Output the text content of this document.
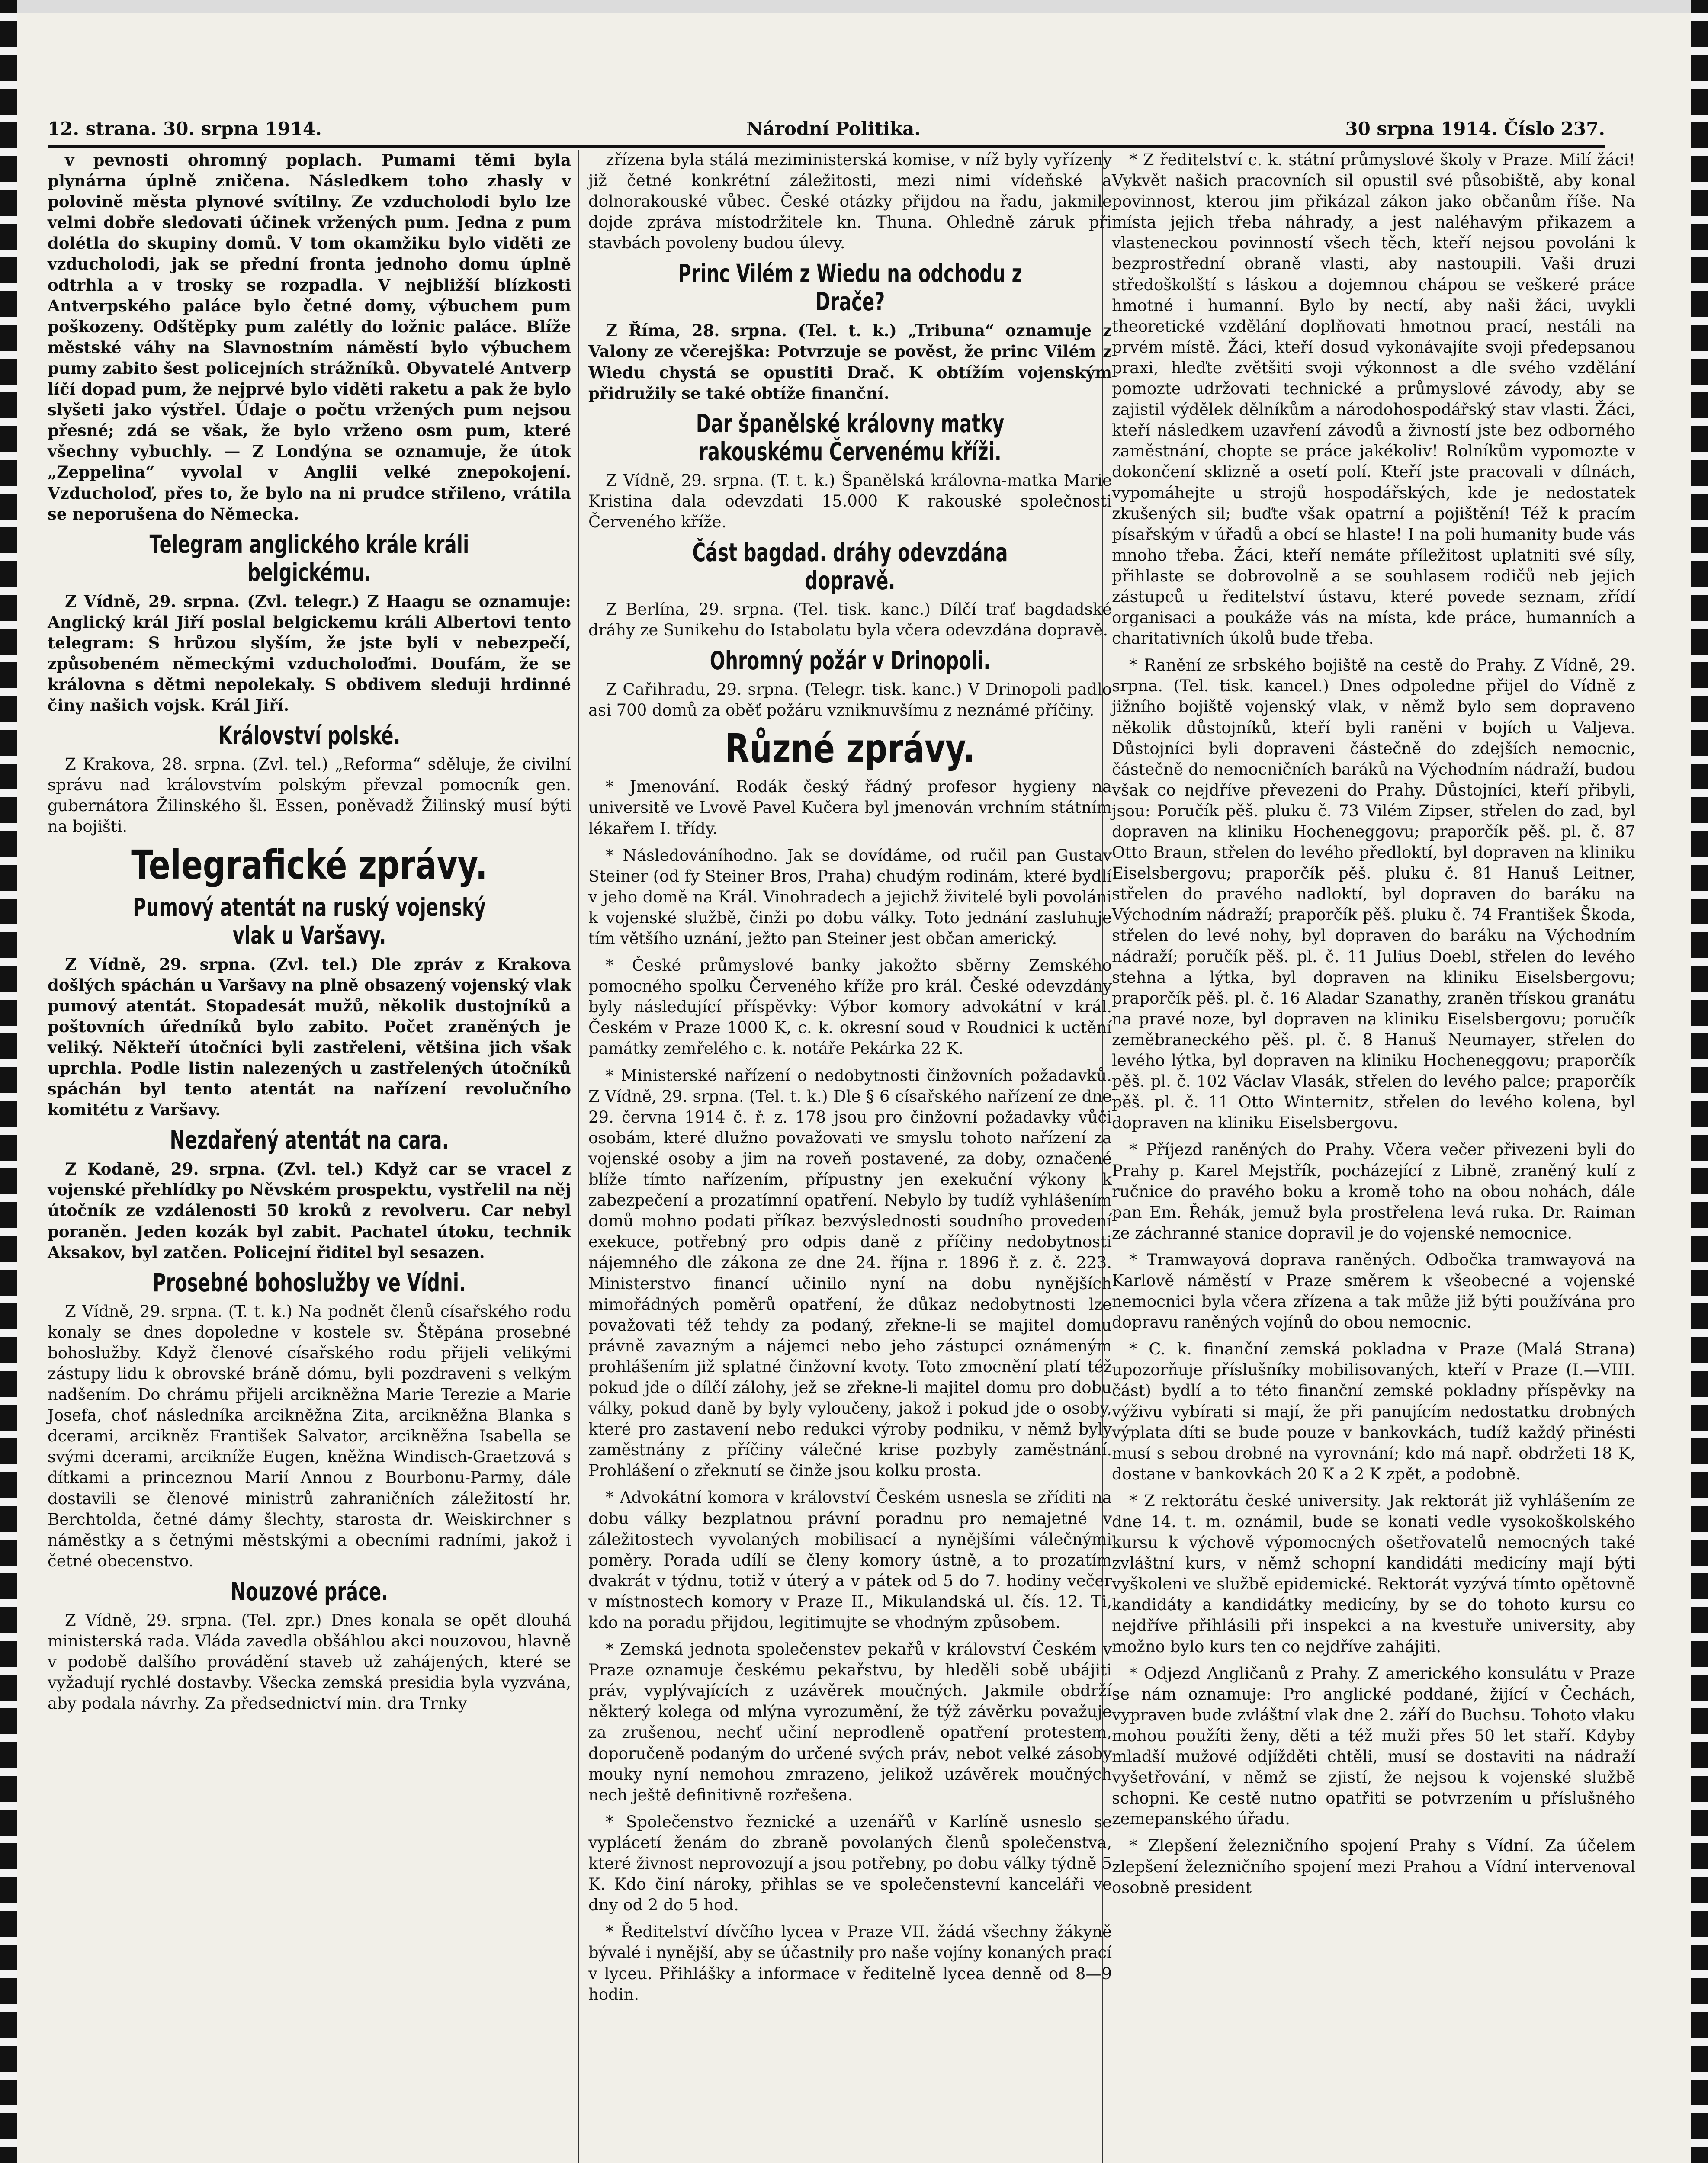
12. strana. 30. srpna 1914.	Národní Politika.	30 srpna 1914. Číslo 237.

v pevnosti ohromný poplach. Pumami těmi byla plynárna úplně zničena. Následkem toho zhasly v polovině města plynové svítilny. Ze vzducholodi bylo lze velmi dobře sledovati účinek vržených pum. Jedna z pum dolétla do skupiny domů. V tom okamžiku bylo viděti ze vzducholodi, jak se přední fronta jednoho domu úplně odtrhla a v trosky se rozpadla. V nejbližší blízkosti Antverpského paláce bylo četné domy, výbuchem pum poškozeny. Odštěpky pum zalétly do ložnic paláce. Blíže městské váhy na Slavnostním náměstí bylo výbuchem pumy zabito šest policejních strážníků. Obyvatelé Antverp líčí dopad pum, že nejprvé bylo viděti raketu a pak že bylo slyšeti jako výstřel. Údaje o počtu vržených pum nejsou přesné; zdá se však, že bylo vrženo osm pum, které všechny vybuchly. — Z Londýna se oznamuje, že útok „Zeppelina“ vyvolal v Anglii velké znepokojení. Vzducholoď, přes to, že bylo na ni prudce střileno, vrátila se neporušena do Německa.

Telegram anglického krále králi belgickému.

Z Vídně, 29. srpna. (Zvl. telegr.) Z Haagu se oznamuje: Anglický král Jiří poslal belgickemu králi Albertovi tento telegram: S hrůzou slyším, že jste byli v nebezpečí, způsobeném německými vzducholoďmi. Doufám, že se královna s dětmi nepolekaly. S obdivem sleduji hrdinné činy našich vojsk. Král Jiří.

Království polské.

Z Krakova, 28. srpna. (Zvl. tel.) „Reforma“ sděluje, že civilní správu nad královstvím polským převzal pomocník gen. gubernátora Žilinského šl. Essen, poněvadž Žilinský musí býti na bojišti.

Telegrafické zprávy.
Pumový atentát na ruský vojenský vlak u Varšavy.

Z Vídně, 29. srpna. (Zvl. tel.) Dle zpráv z Krakova došlých spáchán u Varšavy na plně obsazený vojenský vlak pumový atentát. Stopadesát mužů, několik dustojníků a poštovních úředníků bylo zabito. Počet zraněných je veliký. Někteří útočníci byli zastřeleni, většina jich však uprchla. Podle listin nalezených u zastřelených útočníků spáchán byl tento atentát na nařízení revolučního komitétu z Varšavy.

Nezdařený atentát na cara.

Z Kodaně, 29. srpna. (Zvl. tel.) Když car se vracel z vojenské přehlídky po Něvském prospektu, vystřelil na něj útočník ze vzdálenosti 50 kroků z revolveru. Car nebyl poraněn. Jeden kozák byl zabit. Pachatel útoku, technik Aksakov, byl zatčen. Policejní řiditel byl sesazen.

Prosebné bohoslužby ve Vídni.

Z Vídně, 29. srpna. (T. t. k.) Na podnět členů císařského rodu konaly se dnes dopoledne v kostele sv. Štěpána prosebné bohoslužby. Když členové císařského rodu přijeli velikými zástupy lidu k obrovské bráně dómu, byli pozdraveni s velkým nadšením. Do chrámu přijeli arcikněžna Marie Terezie a Marie Josefa, choť následníka arcikněžna Zita, arcikněžna Blanka s dcerami, arcikněz František Salvator, arcikněžna Isabella se svými dcerami, arcikníže Eugen, kněžna Windisch-Graetzová s dítkami a princeznou Marií Annou z Bourbonu-Parmy, dále dostavili se členové ministrů zahraničních záležitostí hr. Berchtolda, četné dámy šlechty, starosta dr. Weiskirchner s náměstky a s četnými městskými a obecními radními, jakož i četné obecenstvo.

Nouzové práce.

Z Vídně, 29. srpna. (Tel. zpr.) Dnes konala se opět dlouhá ministerská rada. Vláda zavedla obšáhlou akci nouzovou, hlavně v podobě dalšího provádění staveb už zahájených, které se vyžadují rychlé dostavby. Všecka zemská presidia byla vyzvána, aby podala návrhy. Za předsednictví min. dra Trnky

zřízena byla stálá meziministerská komise, v níž byly vyřízeny již četné konkrétní záležitosti, mezi nimi vídeňské a dolnorakouské vůbec. České otázky přijdou na řadu, jakmile dojde zpráva místodržitele kn. Thuna. Ohledně záruk při stavbách povoleny budou úlevy.

Princ Vilém z Wiedu na odchodu z Drače?

Z Říma, 28. srpna. (Tel. t. k.) „Tribuna“ oznamuje z Valony ze včerejška: Potvrzuje se pověst, že princ Vilém z Wiedu chystá se opustiti Drač. K obtížím vojenským přidružily se také obtíže finanční.

Dar španělské královny matky rakouskému Červenému kříži.

Z Vídně, 29. srpna. (T. t. k.) Španělská královna-matka Marie Kristina dala odevzdati 15.000 K rakouské společnosti Červeného kříže.

Část bagdad. dráhy odevzdána dopravě.

Z Berlína, 29. srpna. (Tel. tisk. kanc.) Dílčí trať bagdadské dráhy ze Sunikehu do Istabolatu byla včera odevzdána dopravě.

Ohromný požár v Drinopoli.

Z Cařihradu, 29. srpna. (Telegr. tisk. kanc.) V Drinopoli padlo asi 700 domů za oběť požáru vzniknuvšímu z neznámé příčiny.

Různé zprávy.

* Jmenování. Rodák český řádný profesor hygieny na universitě ve Lvově Pavel Kučera byl jmenován vrchním státním lékařem I. třídy.

* Následováníhodno. Jak se dovídáme, od ručil pan Gustav Steiner (od fy Steiner Bros, Praha) chudým rodinám, které bydlí v jeho domě na Král. Vinohradech a jejichž živitelé byli povoláni k vojenské službě, činži po dobu války. Toto jednání zasluhuje tím většího uznání, ježto pan Steiner jest občan americký.

* České průmyslové banky jakožto sběrny Zemského pomocného spolku Červeného kříže pro král. České odevzdány byly následující příspěvky: Výbor komory advokátní v král. Českém v Praze 1000 K, c. k. okresní soud v Roudnici k uctění památky zemřelého c. k. notáře Pekárka 22 K.

* Ministerské nařízení o nedobytnosti činžovních požadavků. Z Vídně, 29. srpna. (Tel. t. k.) Dle § 6 císařského nařízení ze dne 29. června 1914 č. ř. z. 178 jsou pro činžovní požadavky vůči osobám, které dlužno považovati ve smyslu tohoto nařízení za vojenské osoby a jim na roveň postavené, za doby, označené blíže tímto nařízením, přípustny jen exekuční výkony k zabezpečení a prozatímní opatření. Nebylo by tudíž vyhlášením domů mohno podati příkaz bezvýslednosti soudního provedení exekuce, potřebný pro odpis daně z příčiny nedobytnosti nájemného dle zákona ze dne 24. října r. 1896 ř. z. č. 223. Ministerstvo financí učinilo nyní na dobu nynějších mimořádných poměrů opatření, že důkaz nedobytnosti lze považovati též tehdy za podaný, zřekne-li se majitel domu právně zavazným a nájemci nebo jeho zástupci oznámeným prohlášením již splatné činžovní kvoty. Toto zmocnění platí též pokud jde o dílčí zálohy, jež se zřekne-li majitel domu pro dobu války, pokud daně by byly vyloučeny, jakož i pokud jde o osoby, které pro zastavení nebo redukci výroby podniku, v němž byly zaměstnány z příčiny válečné krise pozbyly zaměstnání. Prohlášení o zřeknutí se činže jsou kolku prosta.

* Advokátní komora v království Českém usnesla se zříditi na dobu války bezplatnou právní poradnu pro nemajetné v záležitostech vyvolaných mobilisací a nynějšími válečnými poměry. Porada udílí se členy komory ústně, a to prozatím dvakrát v týdnu, totiž v úterý a v pátek od 5 do 7. hodiny večer v místnostech komory v Praze II., Mikulandská ul. čís. 12. Ti, kdo na poradu přijdou, legitimujte se vhodným způsobem.

* Zemská jednota společenstev pekařů v království Českém v Praze oznamuje českému pekařstvu, by hleděli sobě ubájiti práv, vyplývajících z uzávěrek moučných. Jakmile obdrží některý kolega od mlýna vyrozumění, že týž závěrku považuje za zrušenou, nechť učiní neprodleně opatření protestem, doporučeně podaným do určené svých práv, nebot velké zásoby mouky nyní nemohou zmrazeno, jelikož uzávěrek moučných nech ještě definitivně rozřešena.

* Společenstvo řeznické a uzenářů v Karlíně usneslo se vyplácetí ženám do zbraně povolaných členů společenstva, které živnost neprovozují a jsou potřebny, po dobu války týdně 5 K. Kdo činí nároky, přihlas se ve společenstevní kanceláři ve dny od 2 do 5 hod.

* Ředitelství dívčího lycea v Praze VII. žádá všechny žákyně bývalé i nynější, aby se účastnily pro naše vojíny konaných prací v lyceu. Přihlášky a informace v ředitelně lycea denně od 8—9 hodin.

* Z ředitelství c. k. státní průmyslové školy v Praze. Milí žáci! Vykvět našich pracovních sil opustil své působiště, aby konal povinnost, kterou jim přikázal zákon jako občanům říše. Na místa jejich třeba náhrady, a jest naléhavým přikazem a vlasteneckou povinností všech těch, kteří nejsou povoláni k bezprostřední obraně vlasti, aby nastoupili. Vaši druzi středoškolští s láskou a dojemnou chápou se veškeré práce hmotné i humanní. Bylo by nectí, aby naši žáci, uvykli theoretické vzdělání doplňovati hmotnou prací, nestáli na prvém místě. Žáci, kteří dosud vykonávajíte svoji předepsanou praxi, hleďte zvětšiti svoji výkonnost a dle svého vzdělání pomozte udržovati technické a průmyslové závody, aby se zajistil výdělek dělníkům a národohospodářský stav vlasti. Žáci, kteří následkem uzavření závodů a živností jste bez odborného zaměstnání, chopte se práce jakékoliv! Rolníkům vypomozte v dokončení sklizně a osetí polí. Kteří jste pracovali v dílnách, vypomáhejte u strojů hospodářských, kde je nedostatek zkušených sil; buďte však opatrní a pojištění! Též k pracím písařským v úřadů a obcí se hlaste! I na poli humanity bude vás mnoho třeba. Žáci, kteří nemáte příležitost uplatniti své síly, přihlaste se dobrovolně a se souhlasem rodičů neb jejich zástupců u ředitelství ústavu, které povede seznam, zřídí organisaci a poukáže vás na místa, kde práce, humanních a charitativních úkolů bude třeba.

* Ranění ze srbského bojiště na cestě do Prahy. Z Vídně, 29. srpna. (Tel. tisk. kancel.) Dnes odpoledne přijel do Vídně z jižního bojiště vojenský vlak, v němž bylo sem dopraveno několik důstojníků, kteří byli raněni v bojích u Valjeva. Důstojníci byli dopraveni částečně do zdejších nemocnic, částečně do nemocničních baráků na Východním nádraží, budou však co nejdříve převezeni do Prahy. Důstojníci, kteří přibyli, jsou: Poručík pěš. pluku č. 73 Vilém Zipser, střelen do zad, byl dopraven na kliniku Hocheneggovu; praporčík pěš. pl. č. 87 Otto Braun, střelen do levého předloktí, byl dopraven na kliniku Eiselsbergovu; praporčík pěš. pluku č. 81 Hanuš Leitner, střelen do pravého nadloktí, byl dopraven do baráku na Východním nádraží; praporčík pěš. pluku č. 74 František Škoda, střelen do levé nohy, byl dopraven do baráku na Východním nádraží; poručík pěš. pl. č. 11 Julius Doebl, střelen do levého stehna a lýtka, byl dopraven na kliniku Eiselsbergovu; praporčík pěš. pl. č. 16 Aladar Szanathy, zraněn třískou granátu na pravé noze, byl dopraven na kliniku Eiselsbergovu; poručík zeměbraneckého pěš. pl. č. 8 Hanuš Neumayer, střelen do levého lýtka, byl dopraven na kliniku Hocheneggovu; praporčík pěš. pl. č. 102 Václav Vlasák, střelen do levého palce; praporčík pěš. pl. č. 11 Otto Winternitz, střelen do levého kolena, byl dopraven na kliniku Eiselsbergovu.

* Příjezd raněných do Prahy. Včera večer přivezeni byli do Prahy p. Karel Mejstřík, pocházející z Libně, zraněný kulí z ručnice do pravého boku a kromě toho na obou nohách, dále pan Em. Řehák, jemuž byla prostřelena levá ruka. Dr. Raiman ze záchranné stanice dopravil je do vojenské nemocnice.

* Tramwayová doprava raněných. Odbočka tramwayová na Karlově náměstí v Praze směrem k všeobecné a vojenské nemocnici byla včera zřízena a tak může již býti používána pro dopravu raněných vojínů do obou nemocnic.

* C. k. finanční zemská pokladna v Praze (Malá Strana) upozorňuje příslušníky mobilisovaných, kteří v Praze (I.—VIII. část) bydlí a to této finanční zemské pokladny příspěvky na výživu vybírati si mají, že při panujícím nedostatku drobných výplata díti se bude pouze v bankovkách, tudíž každý přinésti musí s sebou drobné na vyrovnání; kdo má např. obdržeti 18 K, dostane v bankovkách 20 K a 2 K zpět, a podobně.

* Z rektorátu české university. Jak rektorát již vyhlášením ze dne 14. t. m. oznámil, bude se konati vedle vysokoškolského kursu k výchově výpomocných ošetřovatelů nemocných také zvláštní kurs, v němž schopní kandidáti medicíny mají býti vyškoleni ve službě epidemické. Rektorát vyzývá tímto opětovně kandidáty a kandidátky medicíny, by se do tohoto kursu co nejdříve přihlásili při inspekci a na kvestuře university, aby možno bylo kurs ten co nejdříve zahájiti.

* Odjezd Angličanů z Prahy. Z amerického konsulátu v Praze se nám oznamuje: Pro anglické poddané, žijící v Čechách, vypraven bude zvláštní vlak dne 2. září do Buchsu. Tohoto vlaku mohou použíti ženy, děti a též muži přes 50 let staří. Kdyby mladší mužové odjížděti chtěli, musí se dostaviti na nádraží vyšetřování, v němž se zjistí, že nejsou k vojenské službě schopni. Ke cestě nutno opatřiti se potvrzením u příslušného zemepanského úřadu.

* Zlepšení železničního spojení Prahy s Vídní. Za účelem zlepšení železničního spojení mezi Prahou a Vídní intervenoval osobně president
